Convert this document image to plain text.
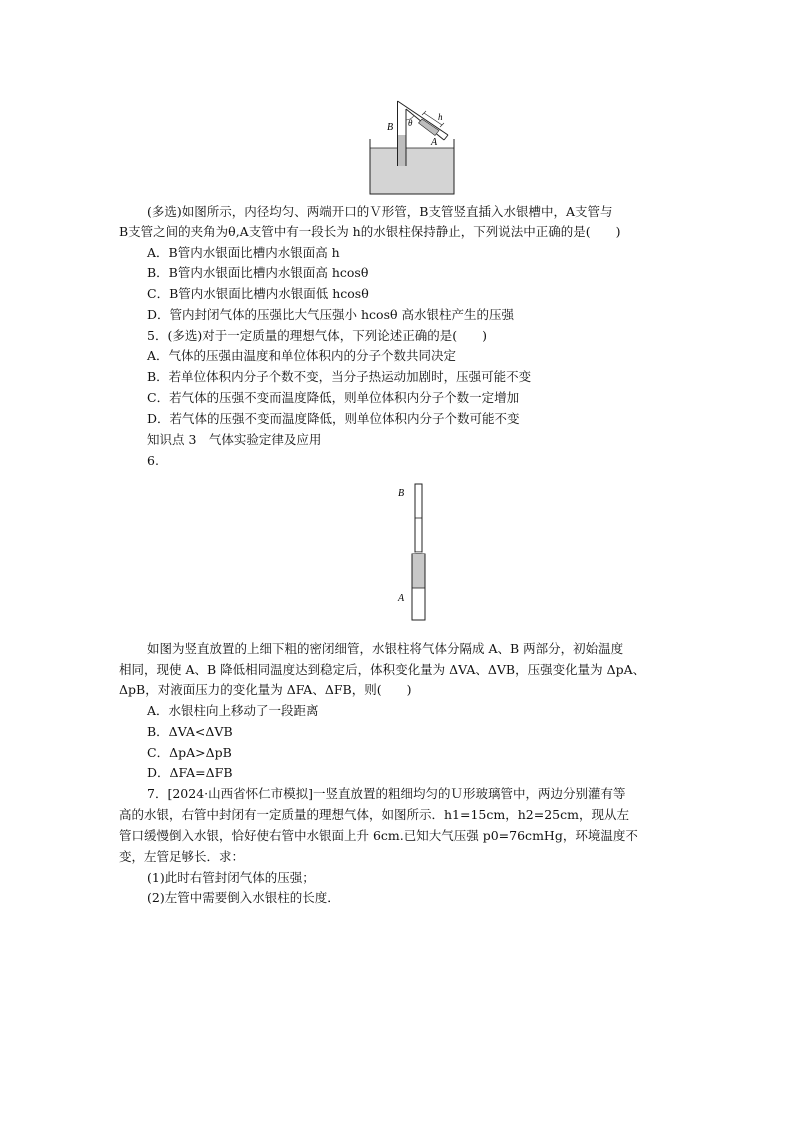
B θ
h
A
(多选)如图所示，内径均匀、两端开口的Ｖ形管，B支管竖直插入水银槽中，A支管与
B支管之间的夹角为θ,A支管中有一段长为 h的水银柱保持静止，下列说法中正确的是(　　)
A．B管内水银面比槽内水银面高 h
B．B管内水银面比槽内水银面高 hcosθ
C．B管内水银面比槽内水银面低 hcosθ
D．管内封闭气体的压强比大气压强小 hcosθ 高水银柱产生的压强
5．(多选)对于一定质量的理想气体，下列论述正确的是(　　)
A．气体的压强由温度和单位体积内的分子个数共同决定
B．若单位体积内分子个数不变，当分子热运动加剧时，压强可能不变
C．若气体的压强不变而温度降低，则单位体积内分子个数一定增加
D．若气体的压强不变而温度降低，则单位体积内分子个数可能不变
知识点 3　气体实验定律及应用
6.
B
A
如图为竖直放置的上细下粗的密闭细管，水银柱将气体分隔成 A、B 两部分，初始温度
相同，现使 A、B 降低相同温度达到稳定后，体积变化量为 ΔVA、ΔVB，压强变化量为 ΔpA、
ΔpB，对液面压力的变化量为 ΔFA、ΔFB，则(　　)
A．水银柱向上移动了一段距离
B．ΔVA<ΔVB
C．ΔpA>ΔpB
D．ΔFA=ΔFB
7．[2024·山西省怀仁市模拟]一竖直放置的粗细均匀的Ｕ形玻璃管中，两边分别灌有等
高的水银，右管中封闭有一定质量的理想气体，如图所示．h1=15cm，h2=25cm，现从左
管口缓慢倒入水银，恰好使右管中水银面上升 6cm.已知大气压强 p0=76cmHg，环境温度不
变，左管足够长．求：
(1)此时右管封闭气体的压强；
(2)左管中需要倒入水银柱的长度．
